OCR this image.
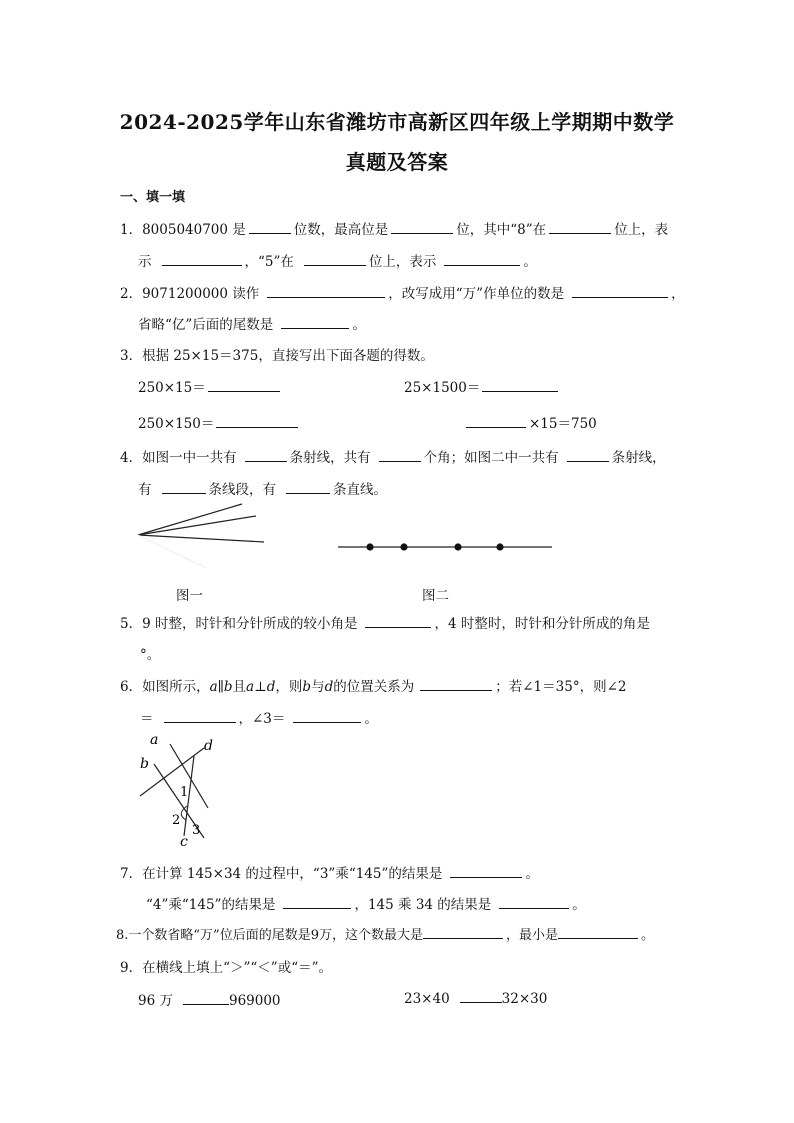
2024-2025学年山东省潍坊市高新区四年级上学期期中数学
真题及答案
一、填一填
1．8005040700 是	位数，最高位是	位，其中“8”在	位上，表
示	，“5”在	位上，表示	。
2．9071200000 读作	，改写成用“万”作单位的数是	，
省略“亿”后面的尾数是	。
3．根据 25×15＝375，直接写出下面各题的得数。
250×15＝	25×1500＝
250×150＝	×15＝750
4．如图一中一共有	条射线，共有	个角；如图二中一共有	条射线，
有	条线段，有	条直线。
图一	图二
5．9 时整，时针和分针所成的较小角是	，4 时整时，时针和分针所成的角是
°。
6．如图所示，a∥b且a⊥d，则b与d的位置关系为	；若∠1＝35°，则∠2
＝	，∠3＝	。
a
b
c
d
1
2
3
7．在计算 145×34 的过程中，“3”乘“145”的结果是	。
“4”乘“145”的结果是	，145 乘 34 的结果是	。
8.一个数省略“万”位后面的尾数是9万，这个数最大是	，最小是	。
9．在横线上填上“＞”“＜”或“＝”。
96 万	969000	23×40	32×30
